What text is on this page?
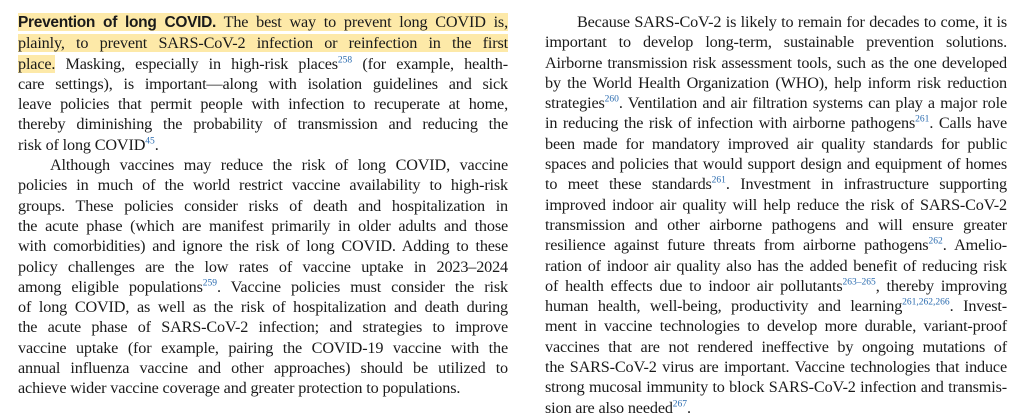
Prevention of long COVID. The best way to prevent long COVID is,
plainly, to prevent SARS-CoV-2 infection or reinfection in the first
place. Masking, especially in high-risk places$^{258}$ (for example, health-
care settings), is important—along with isolation guidelines and sick
leave policies that permit people with infection to recuperate at home,
thereby diminishing the probability of transmission and reducing the
risk of long COVID$^{45}$.
Although vaccines may reduce the risk of long COVID, vaccine
policies in much of the world restrict vaccine availability to high-risk
groups. These policies consider risks of death and hospitalization in
the acute phase (which are manifest primarily in older adults and those
with comorbidities) and ignore the risk of long COVID. Adding to these
policy challenges are the low rates of vaccine uptake in 2023–2024
among eligible populations$^{259}$. Vaccine policies must consider the risk
of long COVID, as well as the risk of hospitalization and death during
the acute phase of SARS-CoV-2 infection; and strategies to improve
vaccine uptake (for example, pairing the COVID-19 vaccine with the
annual influenza vaccine and other approaches) should be utilized to
achieve wider vaccine coverage and greater protection to populations.
Because SARS-CoV-2 is likely to remain for decades to come, it is
important to develop long-term, sustainable prevention solutions.
Airborne transmission risk assessment tools, such as the one developed
by the World Health Organization (WHO), help inform risk reduction
strategies$^{260}$. Ventilation and air filtration systems can play a major role
in reducing the risk of infection with airborne pathogens$^{261}$. Calls have
been made for mandatory improved air quality standards for public
spaces and policies that would support design and equipment of homes
to meet these standards$^{261}$. Investment in infrastructure supporting
improved indoor air quality will help reduce the risk of SARS-CoV-2
transmission and other airborne pathogens and will ensure greater
resilience against future threats from airborne pathogens$^{262}$. Amelio-
ration of indoor air quality also has the added benefit of reducing risk
of health effects due to indoor air pollutants$^{263-265}$, thereby improving
human health, well-being, productivity and learning$^{261,262,266}$. Invest-
ment in vaccine technologies to develop more durable, variant-proof
vaccines that are not rendered ineffective by ongoing mutations of
the SARS-CoV-2 virus are important. Vaccine technologies that induce
strong mucosal immunity to block SARS-CoV-2 infection and transmis-
sion are also needed$^{267}$.
